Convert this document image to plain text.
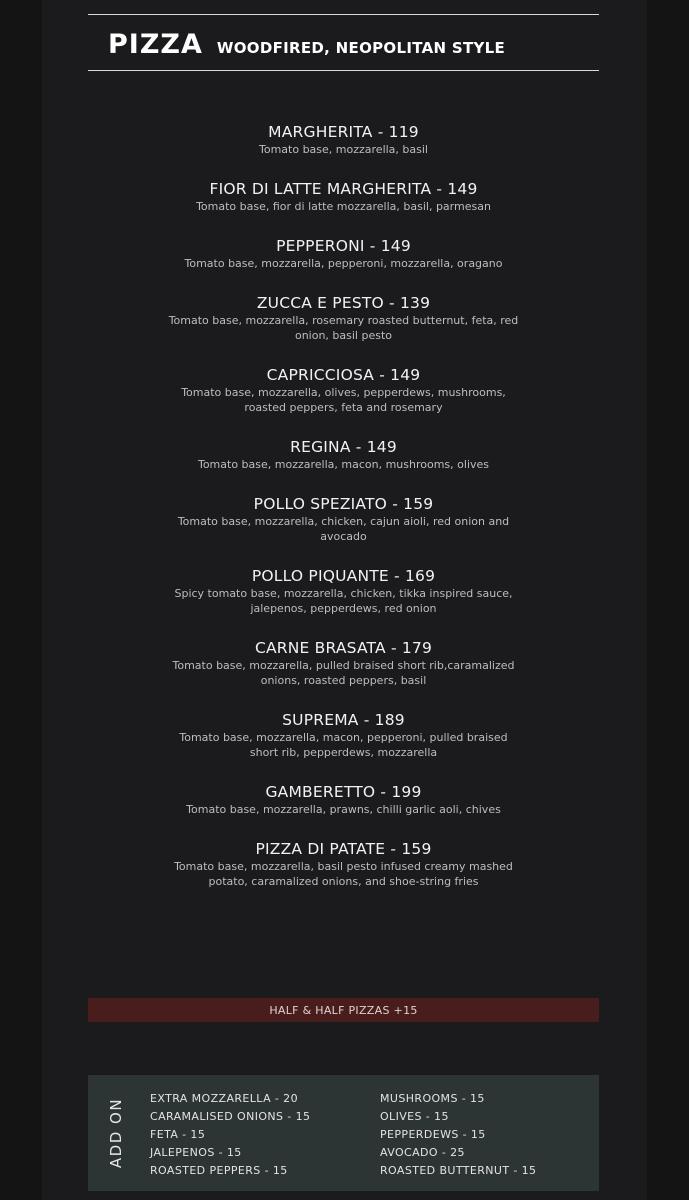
PIZZA WOODFIRED, NEOPOLITAN STYLE
MARGHERITA - 119
Tomato base, mozzarella, basil
FIOR DI LATTE MARGHERITA - 149
Tomato base, fior di latte mozzarella, basil, parmesan
PEPPERONI - 149
Tomato base, mozzarella, pepperoni, mozzarella, oragano
ZUCCA E PESTO - 139
Tomato base, mozzarella, rosemary roasted butternut, feta, red onion, basil pesto
CAPRICCIOSA - 149
Tomato base, mozzarella, olives, pepperdews, mushrooms, roasted peppers, feta and rosemary
REGINA - 149
Tomato base, mozzarella, macon, mushrooms, olives
POLLO SPEZIATO - 159
Tomato base, mozzarella, chicken, cajun aioli, red onion and avocado
POLLO PIQUANTE - 169
Spicy tomato base, mozzarella, chicken, tikka inspired sauce, jalepenos, pepperdews, red onion
CARNE BRASATA - 179
Tomato base, mozzarella, pulled braised short rib,caramalized onions, roasted peppers, basil
SUPREMA - 189
Tomato base, mozzarella, macon, pepperoni, pulled braised short rib, pepperdews, mozzarella
GAMBERETTO - 199
Tomato base, mozzarella, prawns, chilli garlic aoli, chives
PIZZA DI PATATE - 159
Tomato base, mozzarella, basil pesto infused creamy mashed potato, caramalized onions, and shoe-string fries
HALF & HALF PIZZAS +15
ADD ON EXTRA MOZZARELLA - 20
CARAMALISED ONIONS - 15
FETA - 15
JALEPENOS - 15
ROASTED PEPPERS - 15
MUSHROOMS - 15
OLIVES - 15
PEPPERDEWS - 15
AVOCADO - 25
ROASTED BUTTERNUT - 15
